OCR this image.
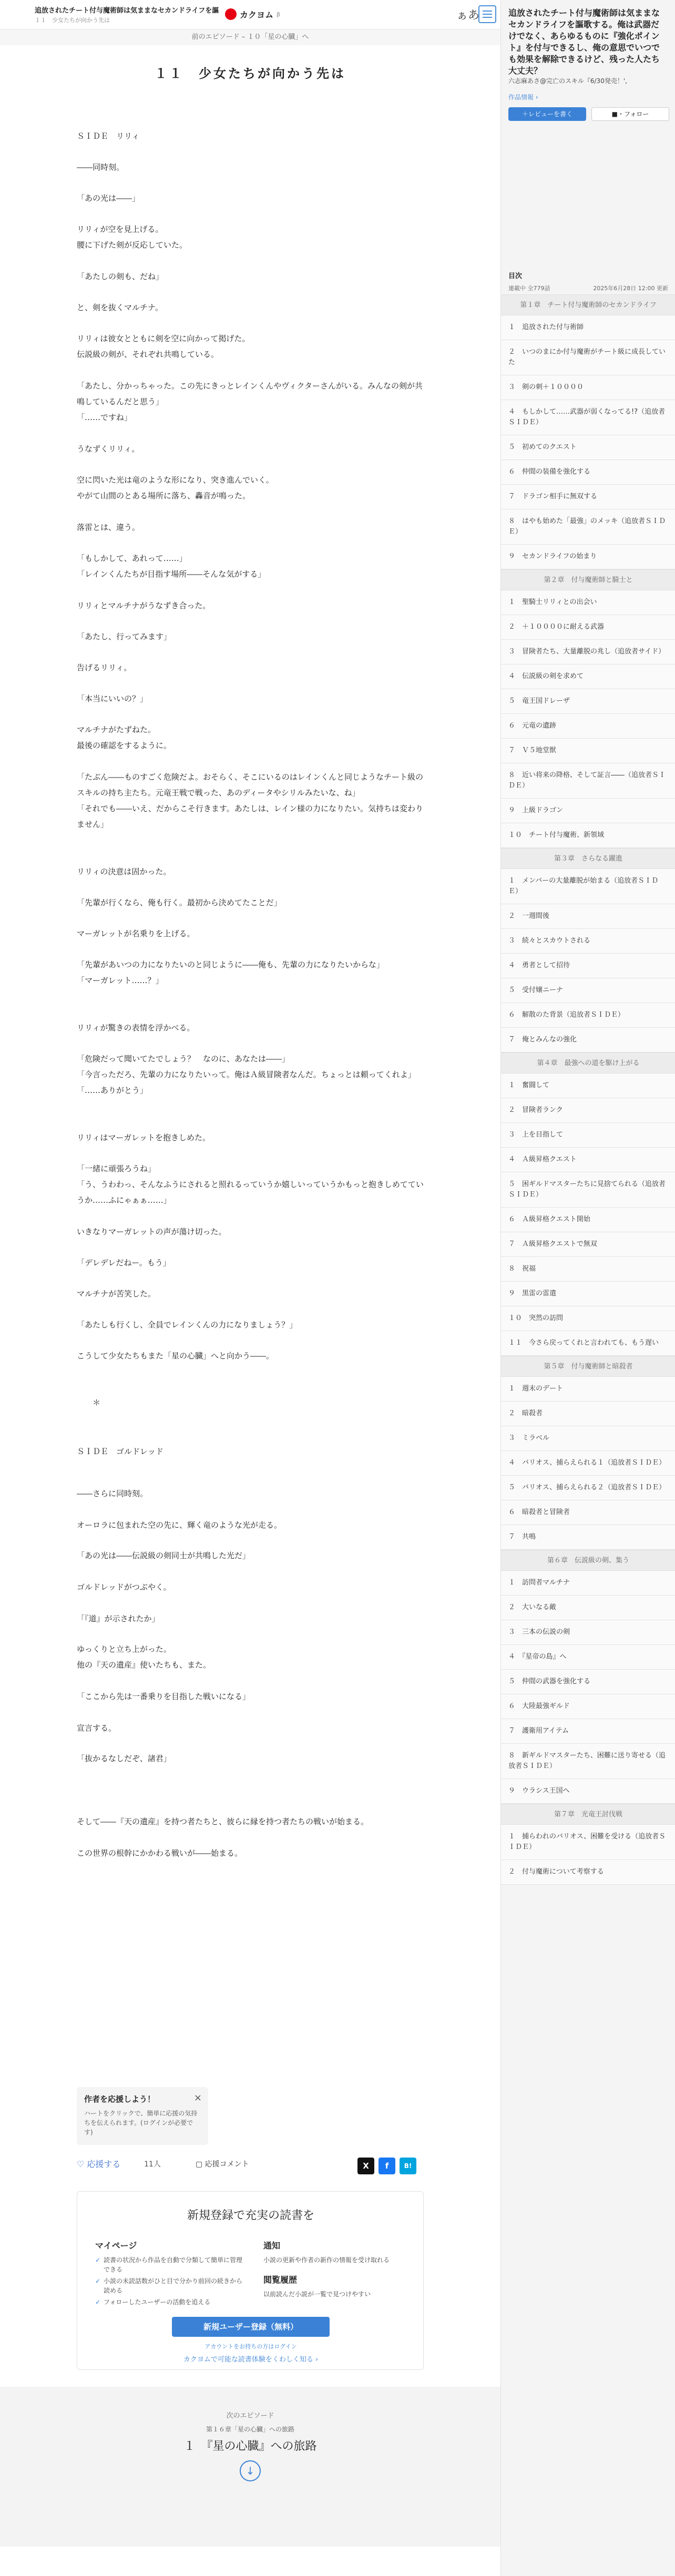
追放されたチート付与魔術師は気ままなセカンドライフを謳
１１　少女たちが向かう先は
カクヨム β	ぁあ
前のエピソード – １０「星の心臓」へ
１１　少女たちが向かう先は

ＳＩＤＥ　リリィ

――同時刻。

「あの光は――」

リリィが空を見上げる。
腰に下げた剣が反応していた。

「あたしの剣も、だね」

と、剣を抜くマルチナ。

リリィは彼女とともに剣を空に向かって掲げた。
伝説級の剣が、それぞれ共鳴している。

「あたし、分かっちゃった。この先にきっとレインくんやヴィクターさんがいる。みんなの剣が共鳴しているんだと思う」
「……ですね」

うなずくリリィ。

空に閃いた光は竜のような形になり、突き進んでいく。
やがて山間のとある場所に落ち、轟音が鳴った。

落雷とは、違う。

「もしかして、あれって……」
「レインくんたちが目指す場所――そんな気がする」

リリィとマルチナがうなずき合った。

「あたし、行ってみます」

告げるリリィ。

「本当にいいの？」

マルチナがたずねた。
最後の確認をするように。

「たぶん――ものすごく危険だよ。おそらく、そこにいるのはレインくんと同じようなチート級のスキルの持ち主たち。元竜王戦で戦った、あのディータやシリルみたいな、ね」
「それでも――いえ、だからこそ行きます。あたしは、レイン様の力になりたい。気持ちは変わりません」

リリィの決意は固かった。

「先輩が行くなら、俺も行く。最初から決めてたことだ」

マーガレットが名乗りを上げる。

「先輩があいつの力になりたいのと同じように――俺も、先輩の力になりたいからな」
「マーガレット……？」

リリィが驚きの表情を浮かべる。

「危険だって聞いてたでしょう？　なのに、あなたは――」
「今言っただろ、先輩の力になりたいって。俺はＡ級冒険者なんだ。ちょっとは頼ってくれよ」
「……ありがとう」

リリィはマーガレットを抱きしめた。

「一緒に頑張ろうね」
「う、うわわっ、そんなふうにされると照れるっていうか嬉しいっていうかもっと抱きしめてていうか……ふにゃぁぁ……」

いきなりマーガレットの声が蕩け切った。

「デレデレだねー。もう」

マルチナが苦笑した。

「あたしも行くし、全員でレインくんの力になりましょう？」

こうして少女たちもまた「星の心臓」へと向かう――。

　　＊

ＳＩＤＥ　ゴルドレッド

――さらに同時刻。

オーロラに包まれた空の先に、輝く竜のような光が走る。

「あの光は――伝説級の剣同士が共鳴した光だ」

ゴルドレッドがつぶやく。

「『道』が示されたか」

ゆっくりと立ち上がった。
他の『天の遺産』使いたちも、また。

「ここから先は一番乗りを目指した戦いになる」

宣言する。

「抜かるなしだぞ、諸君」

そして――『天の遺産』を持つ者たちと、彼らに縁を持つ者たちの戦いが始まる。

この世界の根幹にかかわる戦いが――始まる。

作者を応援しよう！
ハートをクリックで、簡単に応援の気持ちを伝えられます。(ログインが必要です)
×
♡ 応援する	11人	▢ 応援コメント	X	f	B!
新規登録で充実の読書を
マイページ
✓ 読書の状況から作品を自動で分類して簡単に管理できる
✓ 小説の未読話数がひと目で分かり前回の続きから読める
✓ フォローしたユーザーの活動を追える
通知
小説の更新や作者の新作の情報を受け取れる
閲覧履歴
以前読んだ小説が一覧で見つけやすい
新規ユーザー登録（無料）
アカウントをお持ちの方はログイン
カクヨムで可能な読書体験をくわしく知る ›
次のエピソード
第１６章「星の心臓」への旅路
１　『星の心臓』への旅路
↓
追放されたチート付与魔術師は気ままなセカンドライフを謳歌する。俺は武器だけでなく、あらゆるものに『強化ポイント』を付与できるし、俺の意思でいつでも効果を解除できるけど、残った人たち大丈夫？
六志麻あさ@完亡のスキル『6/30発売！',
作品情報 ›
＋レビューを書く	■・フォロー
目次
連載中 全779話	2025年6月28日 12:00 更新
第１章　チート付与魔術師のセカンドライフ
１　追放された付与術師
２　いつのまにか付与魔術がチート級に成長していた
３　剣の刺＋１００００
４　もしかして……武器が弱くなってる!?（追放者ＳＩＤＥ）
５　初めてのクエスト
６　仲間の装備を強化する
７　ドラゴン相手に無双する
８　はやも始めた「最強」のメッキ（追放者ＳＩＤＥ）
９　セカンドライフの始まり
第２章　付与魔術師と騎士と
１　聖騎士リリィとの出会い
２　＋１００００に耐える武器
３　冒険者たち、大量離脱の兆し（追放者サイド）
４　伝説級の剣を求めて
５　竜王国ドレーザ
６　元竜の遺跡
７　Ｖ５地堂獣
８　近い将来の降格、そして証言――（追放者ＳＩＤＥ）
９　上級ドラゴン
１０　チート付与魔術、新領域
第３章　さらなる躍進
１　メンバーの大量離脱が始まる（追放者ＳＩＤＥ）
２　一週間後
３　続々とスカウトされる
４　勇者として招待
５　受付嬢ニーナ
６　解散のた背景（追放者ＳＩＤＥ）
７　俺とみんなの強化
第４章　最強への道を駆け上がる
１　奮闘して
２　冒険者ランク
３　上を目指して
４　Ａ級昇格クエスト
５　困ギルドマスターたちに見捨てられる（追放者ＳＩＤＥ）
６　Ａ級昇格クエスト開始
７　Ａ級昇格クエストで無双
８　祝福
９　黒雷の雷遣
１０　突然の訪問
１１　今さら戻ってくれと言われても、もう遅い
第５章　付与魔術師と暗殺者
１　週末のデート
２　暗殺者
３　ミラベル
４　バリオス、捕らえられる１（追放者ＳＩＤＥ）
５　バリオス、捕らえられる２（追放者ＳＩＤＥ）
６　暗殺者と冒険者
７　共鳴
第６章　伝説級の剣、集う
１　訪問者マルチナ
２　大いなる敵
３　三本の伝説の剣
４　『星帝の島』へ
５　仲間の武器を強化する
６　大陸最強ギルド
７　護衛用アイテム
８　新ギルドマスターたち、困難に送り寄せる（追放者ＳＩＤＥ）
９　ウラシス王国へ
第７章　光竜王討伐戦
１　捕らわれのバリオス、困難を受ける（追放者ＳＩＤＥ）
２　付与魔術について考察する
